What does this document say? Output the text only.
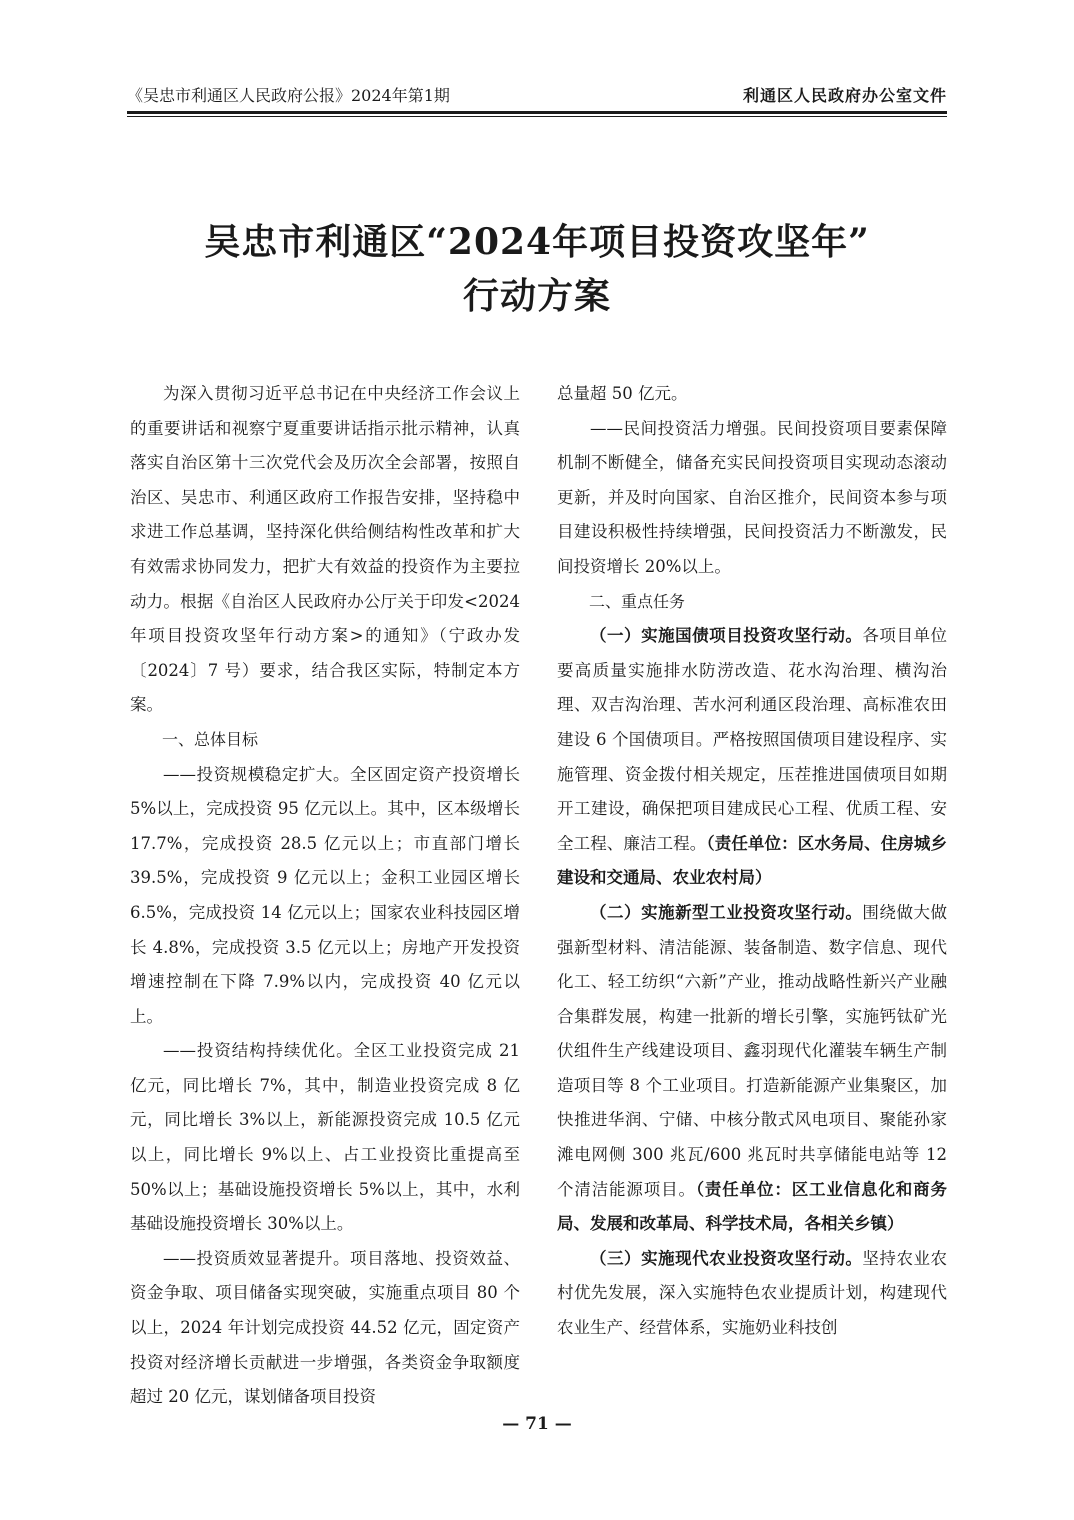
《吴忠市利通区人民政府公报》2024年第1期	利通区人民政府办公室文件
吴忠市利通区“2024年项目投资攻坚年”
行动方案

为深入贯彻习近平总书记在中央经济工作会议上的重要讲话和视察宁夏重要讲话指示批示精神，认真落实自治区第十三次党代会及历次全会部署，按照自治区、吴忠市、利通区政府工作报告安排，坚持稳中求进工作总基调，坚持深化供给侧结构性改革和扩大有效需求协同发力，把扩大有效益的投资作为主要拉动力。根据《自治区人民政府办公厅关于印发<2024 年项目投资攻坚年行动方案>的通知》（宁政办发〔2024〕7 号）要求，结合我区实际，特制定本方案。

一、总体目标

——投资规模稳定扩大。全区固定资产投资增长 5%以上，完成投资 95 亿元以上。其中，区本级增长 17.7%，完成投资 28.5 亿元以上；市直部门增长 39.5%，完成投资 9 亿元以上；金积工业园区增长 6.5%，完成投资 14 亿元以上；国家农业科技园区增长 4.8%，完成投资 3.5 亿元以上；房地产开发投资增速控制在下降 7.9%以内，完成投资 40 亿元以上。

——投资结构持续优化。全区工业投资完成 21 亿元，同比增长 7%，其中，制造业投资完成 8 亿元，同比增长 3%以上，新能源投资完成 10.5 亿元以上，同比增长 9%以上、占工业投资比重提高至 50%以上；基础设施投资增长 5%以上，其中，水利基础设施投资增长 30%以上。

——投资质效显著提升。项目落地、投资效益、资金争取、项目储备实现突破，实施重点项目 80 个以上，2024 年计划完成投资 44.52 亿元，固定资产投资对经济增长贡献进一步增强，各类资金争取额度超过 20 亿元，谋划储备项目投资

总量超 50 亿元。

——民间投资活力增强。民间投资项目要素保障机制不断健全，储备充实民间投资项目实现动态滚动更新，并及时向国家、自治区推介，民间资本参与项目建设积极性持续增强，民间投资活力不断激发，民间投资增长 20%以上。

二、重点任务

（一）实施国债项目投资攻坚行动。各项目单位要高质量实施排水防涝改造、花水沟治理、横沟治理、双吉沟治理、苦水河利通区段治理、高标准农田建设 6 个国债项目。严格按照国债项目建设程序、实施管理、资金拨付相关规定，压茬推进国债项目如期开工建设，确保把项目建成民心工程、优质工程、安全工程、廉洁工程。（责任单位：区水务局、住房城乡建设和交通局、农业农村局）

（二）实施新型工业投资攻坚行动。围绕做大做强新型材料、清洁能源、装备制造、数字信息、现代化工、轻工纺织“六新”产业，推动战略性新兴产业融合集群发展，构建一批新的增长引擎，实施钙钛矿光伏组件生产线建设项目、鑫羽现代化灌装车辆生产制造项目等 8 个工业项目。打造新能源产业集聚区，加快推进华润、宁储、中核分散式风电项目、聚能孙家滩电网侧 300 兆瓦/600 兆瓦时共享储能电站等 12 个清洁能源项目。（责任单位：区工业信息化和商务局、发展和改革局、科学技术局，各相关乡镇）

（三）实施现代农业投资攻坚行动。坚持农业农村优先发展，深入实施特色农业提质计划，构建现代农业生产、经营体系，实施奶业科技创

— 71 —
